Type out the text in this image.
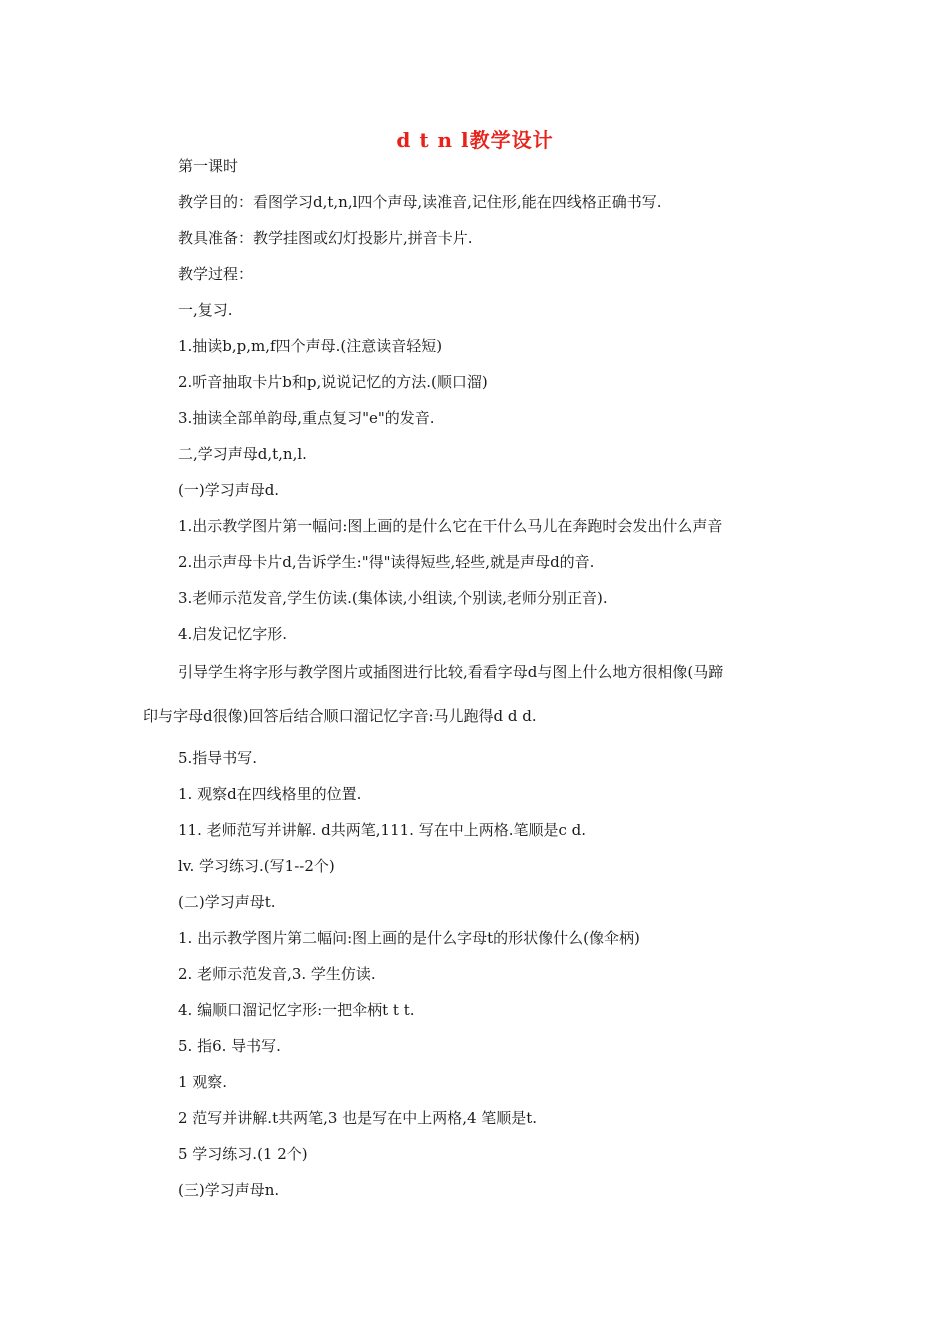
d t n l教学设计
第一课时
教学目的：看图学习d,t,n,l四个声母,读准音,记住形,能在四线格正确书写.
教具准备：教学挂图或幻灯投影片,拼音卡片.
教学过程：
一,复习.
1.抽读b,p,m,f四个声母.(注意读音轻短)
2.听音抽取卡片b和p,说说记忆的方法.(顺口溜)
3.抽读全部单韵母,重点复习"e"的发音.
二,学习声母d,t,n,l.
(一)学习声母d.
1.出示教学图片第一幅问:图上画的是什么它在干什么马儿在奔跑时会发出什么声音
2.出示声母卡片d,告诉学生:"得"读得短些,轻些,就是声母d的音.
3.老师示范发音,学生仿读.(集体读,小组读,个别读,老师分别正音).
4.启发记忆字形.
引导学生将字形与教学图片或插图进行比较,看看字母d与图上什么地方很相像(马蹄
印与字母d很像)回答后结合顺口溜记忆字音:马儿跑得d d d.
5.指导书写.
1. 观察d在四线格里的位置.
11. 老师范写并讲解. d共两笔,111. 写在中上两格.笔顺是c d.
lv. 学习练习.(写1--2个)
(二)学习声母t.
1. 出示教学图片第二幅问:图上画的是什么字母t的形状像什么(像伞柄)
2. 老师示范发音,3. 学生仿读.
4. 编顺口溜记忆字形:一把伞柄t t t.
5. 指6. 导书写.
1 观察.
2 范写并讲解.t共两笔,3 也是写在中上两格,4 笔顺是t.
5 学习练习.(1 2个)
(三)学习声母n.
